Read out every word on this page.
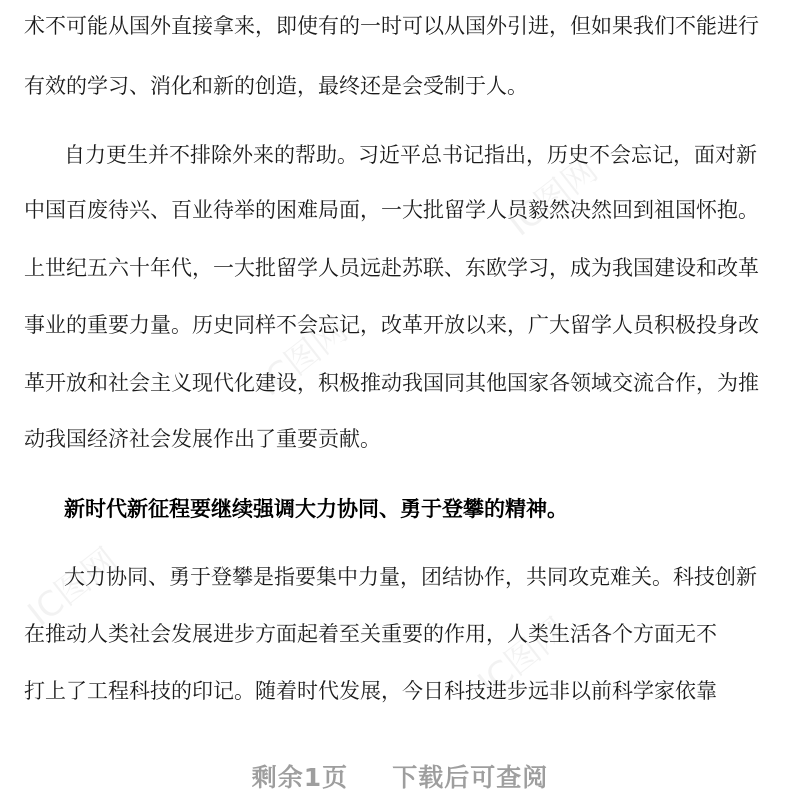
IC图网
IC图网
IC图网
IC图网
术不可能从国外直接拿来，即使有的一时可以从国外引进，但如果我们不能进行
有效的学习、消化和新的创造，最终还是会受制于人。
自力更生并不排除外来的帮助。习近平总书记指出，历史不会忘记，面对新
中国百废待兴、百业待举的困难局面，一大批留学人员毅然决然回到祖国怀抱。
上世纪五六十年代，一大批留学人员远赴苏联、东欧学习，成为我国建设和改革
事业的重要力量。历史同样不会忘记，改革开放以来，广大留学人员积极投身改
革开放和社会主义现代化建设，积极推动我国同其他国家各领域交流合作，为推
动我国经济社会发展作出了重要贡献。
新时代新征程要继续强调大力协同、勇于登攀的精神。
大力协同、勇于登攀是指要集中力量，团结协作，共同攻克难关。科技创新
在推动人类社会发展进步方面起着至关重要的作用，人类生活各个方面无不
打上了工程科技的印记。随着时代发展，今日科技进步远非以前科学家依靠
剩余1页 下载后可查阅
